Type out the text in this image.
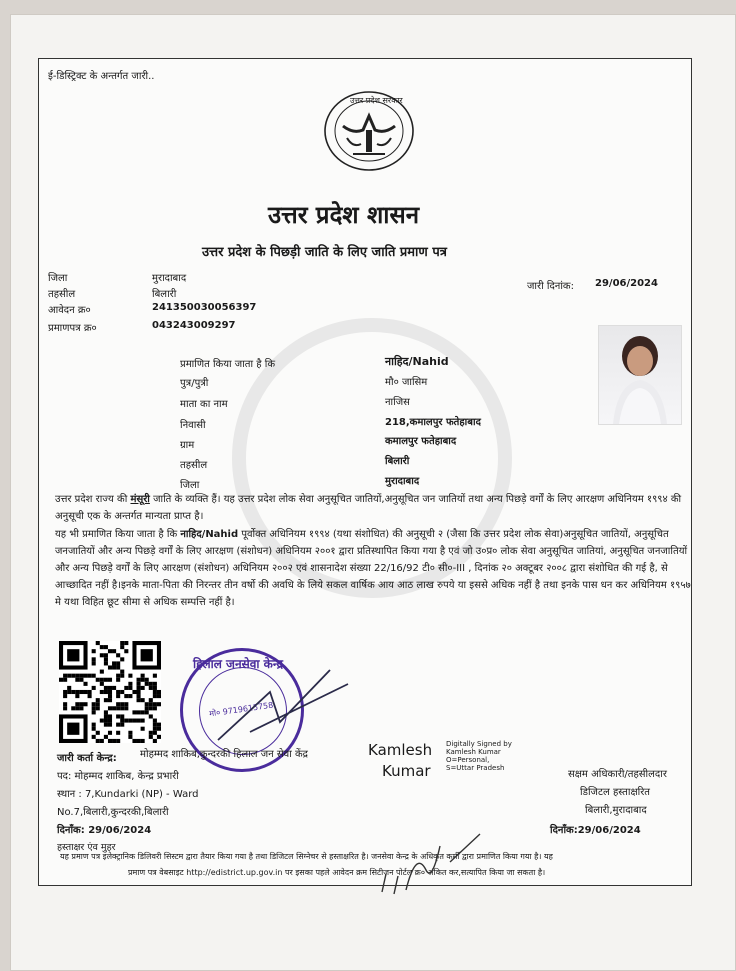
ई-डिस्ट्रिक्ट के अन्तर्गत जारी..
उत्तर प्रदेश सरकार
उत्तर प्रदेश शासन
उत्तर प्रदेश के पिछड़ी जाति के लिए जाति प्रमाण पत्र
जिला	मुरादाबाद
तहसील	बिलारी
आवेदन क्र०	241350030056397
प्रमाणपत्र क्र०	043243009297
जारी दिनांक: 29/06/2024
प्रमाणित किया जाता है कि	नाहिद/Nahid
पुत्र/पुत्री	मौ० जासिम
माता का नाम	नाजिस
निवासी	218,कमालपुर फतेहाबाद
ग्राम	कमालपुर फतेहाबाद
तहसील	बिलारी
जिला	मुरादाबाद
उत्तर प्रदेश राज्य की मंसूरी जाति के व्यक्ति हैं। यह उत्तर प्रदेश लोक सेवा अनुसूचित जातियों,अनुसूचित जन जातियों तथा अन्य पिछड़े वर्गों के लिए आरक्षण अधिनियम १९९४ की अनुसूची एक के अन्तर्गत मान्यता प्राप्त है।
यह भी प्रमाणित किया जाता है कि नाहिद/Nahid पूर्वोक्त अधिनियम १९९४ (यथा संशोधित) की अनुसूची २ (जैसा कि उत्तर प्रदेश लोक सेवा)अनुसूचित जातियों, अनुसूचित जनजातियों और अन्य पिछड़े वर्गों के लिए आरक्षण (संशोधन) अधिनियम २००१ द्वारा प्रतिस्थापित किया गया है एवं जो उ०प्र० लोक सेवा अनुसूचित जातियां, अनुसूचित जनजातियों और अन्य पिछड़े वर्गों के लिए आरक्षण (संशोधन) अधिनियम २००२ एवं शासनादेश संख्या 22/16/92 टी० सी०-III , दिनांक २० अक्टूबर २००८ द्वारा संशोधित की गई है, से आच्छादित नहीं है।इनके माता-पिता की निरन्तर तीन वर्षो की अवधि के लिये सकल वार्षिक आय आठ लाख रुपये या इससे अधिक नहीं है तथा इनके पास धन कर अधिनियम १९५७ मे यथा विहित छूट सीमा से अधिक सम्पत्ति नहीं है।
हिलाल जनसेवा केन्द्र
मो० 9719615758
जारी कर्ता केन्द्र: मोहम्मद शाकिब,कुन्दरकी हिलाल जन सेवा केंद्र
पद: मोहम्मद शाकिब, केन्द्र प्रभारी
स्थान : 7,Kundarki (NP) - Ward
No.7,बिलारी,कुन्दरकी,बिलारी
दिनाँक: 29/06/2024
हस्ताक्षर एंव मुहर
Kamlesh
Kumar
Digitally Signed by
Kamlesh Kumar
O=Personal,
S=Uttar Pradesh
सक्षम अधिकारी/तहसीलदार
डिजिटल हस्ताक्षरित
बिलारी,मुरादाबाद
दिनाँक:29/06/2024
यह प्रमाण पत्र इलेक्ट्रानिक डिलिवरी सिस्टम द्वारा तैयार किया गया है तथा डिजिटल सिग्नेचर से हस्ताक्षरित है। जनसेवा केन्द्र के अधिकृत कर्मी द्वारा प्रमाणित किया गया है। यह
प्रमाण पत्र वेबसाइट http://edistrict.up.gov.in पर इसका पहले आवेदन क्रम सिटीज़न पोर्टल क्र० अंकित कर,सत्यापित किया जा सकता है।
